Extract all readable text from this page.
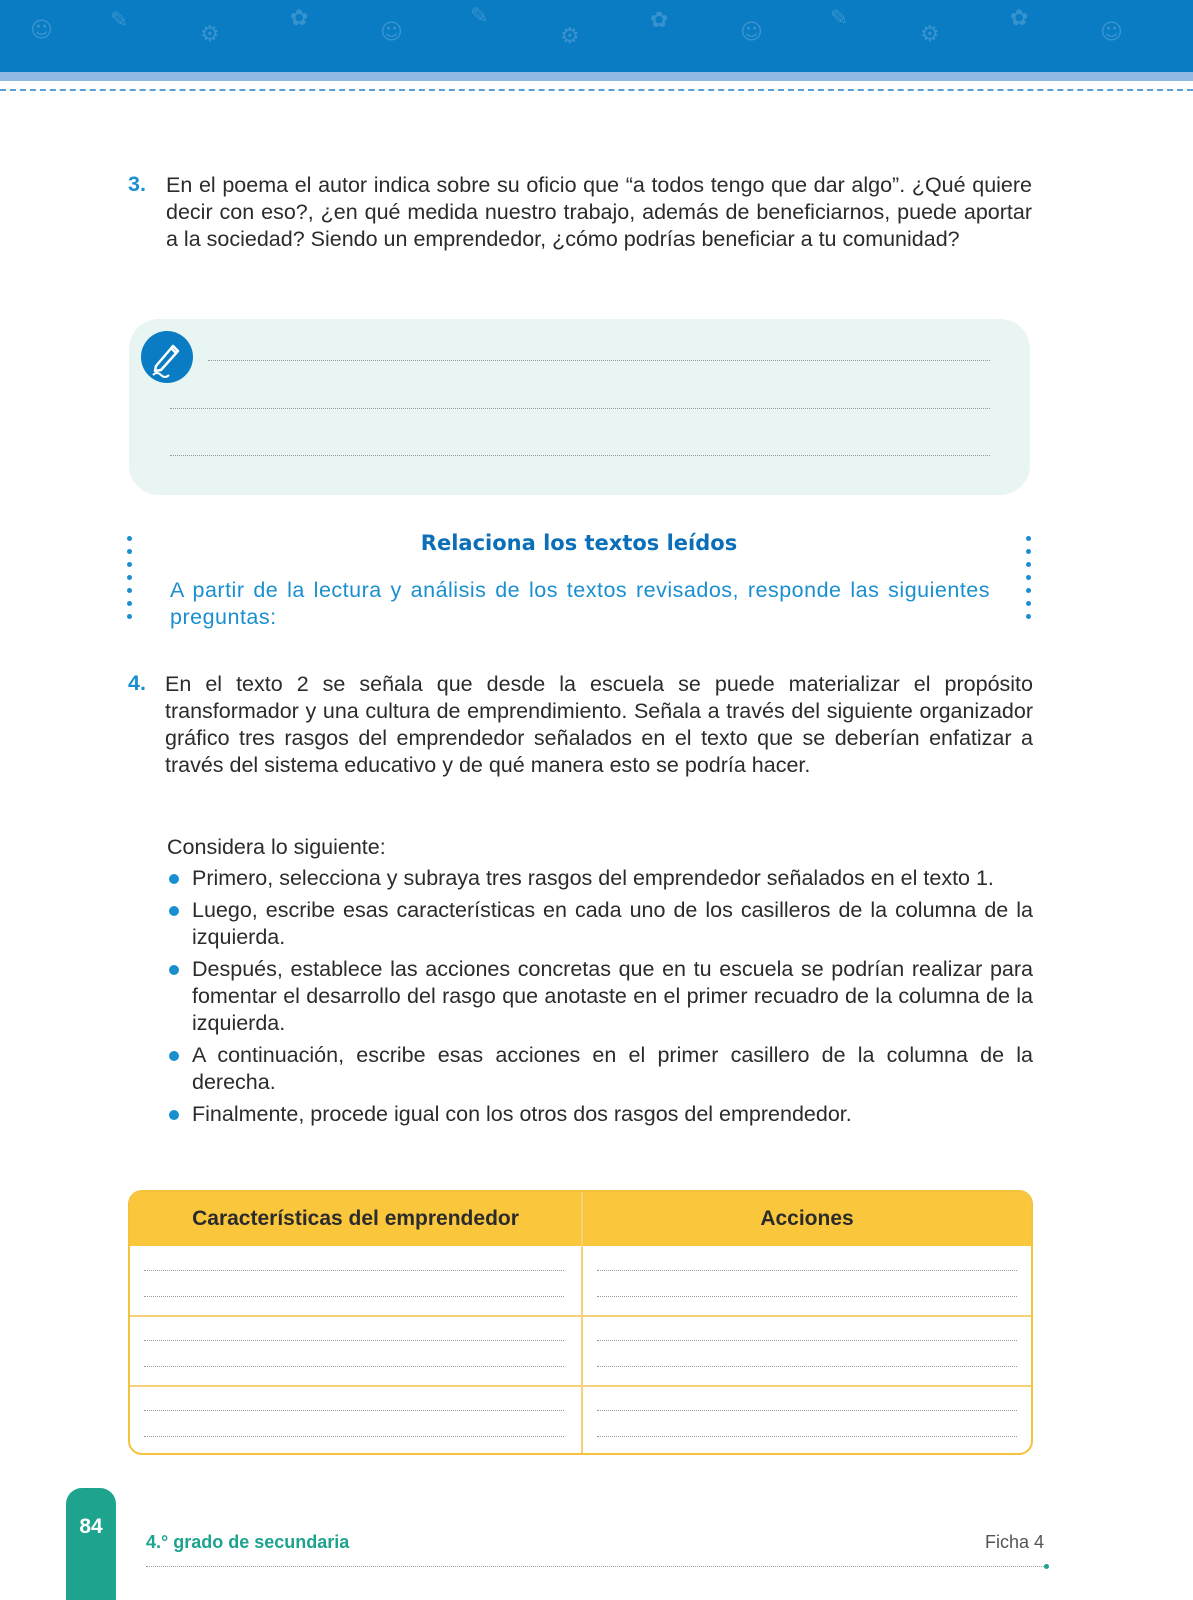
☺	✎
⚙
✿
☺
✎
⚙
✿	☺
✎
⚙
✿
☺
3. En el poema el autor indica sobre su oficio que “a todos tengo que dar algo”. ¿Qué quiere decir con eso?, ¿en qué medida nuestro trabajo, además de beneficiarnos, puede aportar a la sociedad? Siendo un emprendedor, ¿cómo podrías beneficiar a tu comunidad?
Relaciona los textos leídos
A partir de la lectura y análisis de los textos revisados, responde las siguientes preguntas:
4. En el texto 2 se señala que desde la escuela se puede materializar el propósito transformador y una cultura de emprendimiento. Señala a través del siguiente organizador gráfico tres rasgos del emprendedor señalados en el texto que se deberían enfatizar a través del sistema educativo y de qué manera esto se podría hacer.
Considera lo siguiente:
Primero, selecciona y subraya tres rasgos del emprendedor señalados en el texto 1.
Luego, escribe esas características en cada uno de los casilleros de la columna de la izquierda.
Después, establece las acciones concretas que en tu escuela se podrían realizar para fomentar el desarrollo del rasgo que anotaste en el primer recuadro de la columna de la izquierda.
A continuación, escribe esas acciones en el primer casillero de la columna de la derecha.
Finalmente, procede igual con los otros dos rasgos del emprendedor.
Características del emprendedor	Acciones
84
4.° grado de secundaria	Ficha 4
